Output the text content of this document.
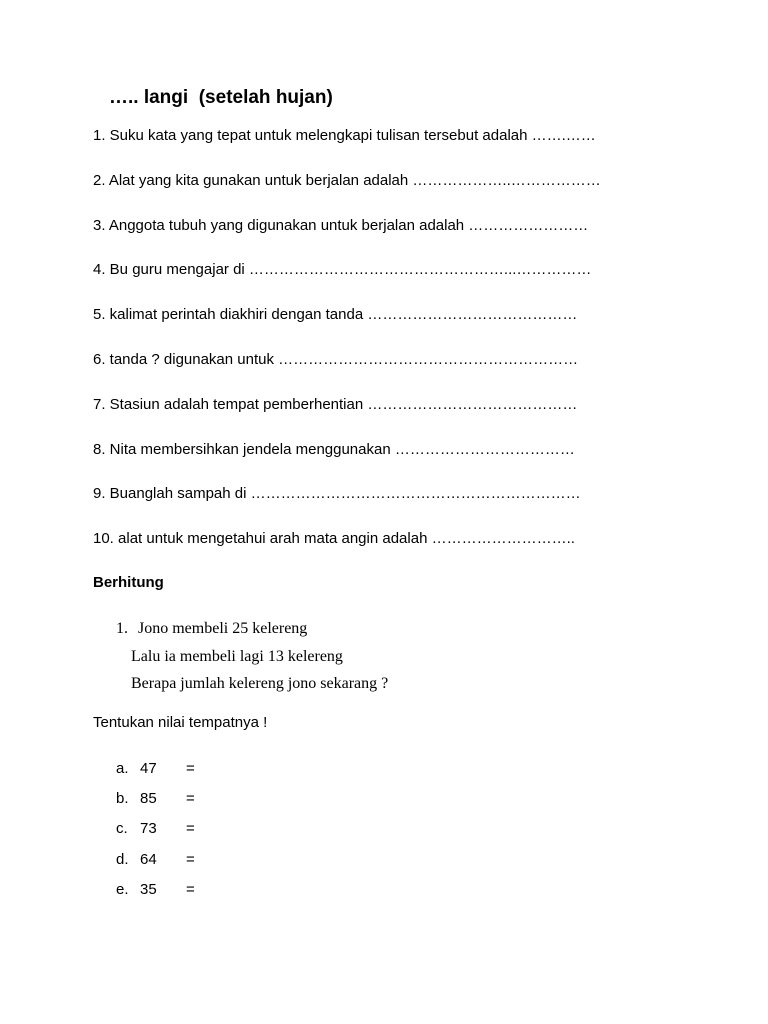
….. langi  (setelah hujan)
1. Suku kata yang tepat untuk melengkapi tulisan tersebut adalah …….……
2. Alat yang kita gunakan untuk berjalan adalah ………………..………………
3. Anggota tubuh yang digunakan untuk berjalan adalah ……………………
4. Bu guru mengajar di ……………………………………………...……………
5. kalimat perintah diakhiri dengan tanda ……………………………………
6. tanda ? digunakan untuk ……………………………………………………
7. Stasiun adalah tempat pemberhentian ……………………………………
8. Nita membersihkan jendela menggunakan ………………………………
9. Buanglah sampah di …………………………………………………………
10. alat untuk mengetahui arah mata angin adalah ………………………..
Berhitung
1. Jono membeli 25 kelereng
Lalu ia membeli lagi 13 kelereng
Berapa jumlah kelereng jono sekarang ?
Tentukan nilai tempatnya !
a. 47 =
b. 85 =
c. 73 =
d. 64 =
e. 35 =
